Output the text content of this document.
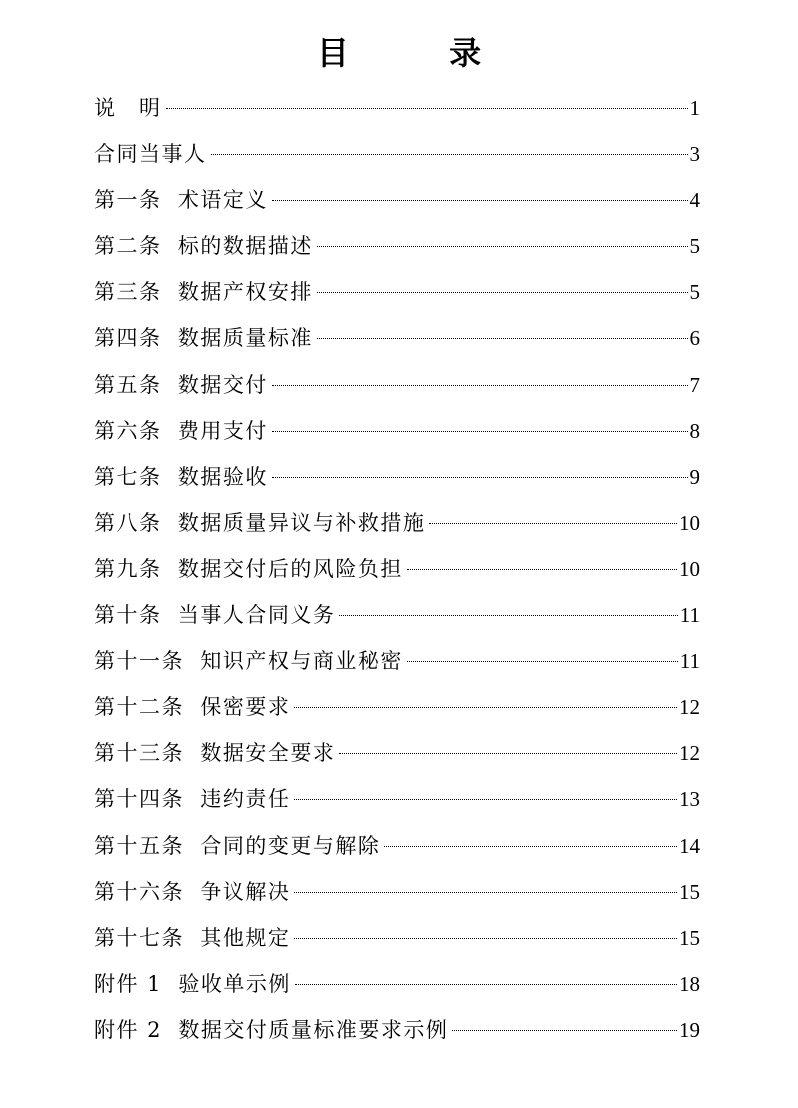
目  录
说　明	1
合同当事人	3
第一条  术语定义	4
第二条  标的数据描述	5
第三条  数据产权安排	5
第四条  数据质量标准	6
第五条  数据交付	7
第六条  费用支付	8
第七条  数据验收	9
第八条  数据质量异议与补救措施	10
第九条  数据交付后的风险负担	10
第十条  当事人合同义务	11
第十一条  知识产权与商业秘密	11
第十二条  保密要求	12
第十三条  数据安全要求	12
第十四条  违约责任	13
第十五条  合同的变更与解除	14
第十六条  争议解决	15
第十七条  其他规定	15
附件 1  验收单示例	18
附件 2  数据交付质量标准要求示例	19
